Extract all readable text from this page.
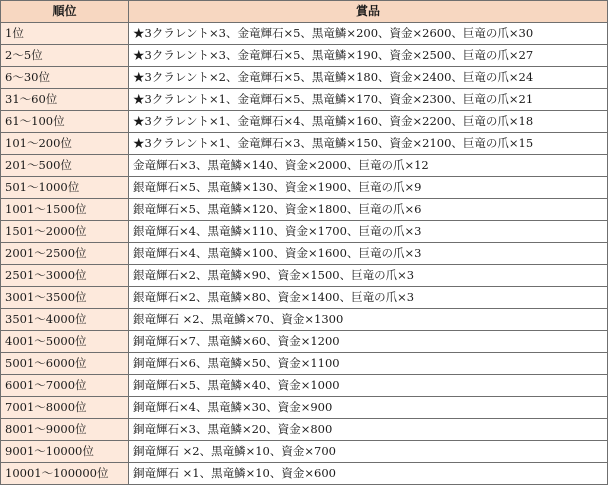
順位	賞品
1位	★3クラレント×3、金竜輝石×5、黒竜鱗×200、資金×2600、巨竜の爪×30
2～5位	★3クラレント×3、金竜輝石×5、黒竜鱗×190、資金×2500、巨竜の爪×27
6～30位	★3クラレント×2、金竜輝石×5、黒竜鱗×180、資金×2400、巨竜の爪×24
31～60位	★3クラレント×1、金竜輝石×5、黒竜鱗×170、資金×2300、巨竜の爪×21
61～100位	★3クラレント×1、金竜輝石×4、黒竜鱗×160、資金×2200、巨竜の爪×18
101～200位	★3クラレント×1、金竜輝石×3、黒竜鱗×150、資金×2100、巨竜の爪×15
201～500位	金竜輝石×3、黒竜鱗×140、資金×2000、巨竜の爪×12
501～1000位	銀竜輝石×5、黒竜鱗×130、資金×1900、巨竜の爪×9
1001～1500位	銀竜輝石×5、黒竜鱗×120、資金×1800、巨竜の爪×6
1501～2000位	銀竜輝石×4、黒竜鱗×110、資金×1700、巨竜の爪×3
2001～2500位	銀竜輝石×4、黒竜鱗×100、資金×1600、巨竜の爪×3
2501～3000位	銀竜輝石×2、黒竜鱗×90、資金×1500、巨竜の爪×3
3001～3500位	銀竜輝石×2、黒竜鱗×80、資金×1400、巨竜の爪×3
3501～4000位	銀竜輝石 ×2、黒竜鱗×70、資金×1300
4001～5000位	銅竜輝石×7、黒竜鱗×60、資金×1200
5001～6000位	銅竜輝石×6、黒竜鱗×50、資金×1100
6001～7000位	銅竜輝石×5、黒竜鱗×40、資金×1000
7001～8000位	銅竜輝石×4、黒竜鱗×30、資金×900
8001～9000位	銅竜輝石×3、黒竜鱗×20、資金×800
9001～10000位	銅竜輝石 ×2、黒竜鱗×10、資金×700
10001～100000位	銅竜輝石 ×1、黒竜鱗×10、資金×600
